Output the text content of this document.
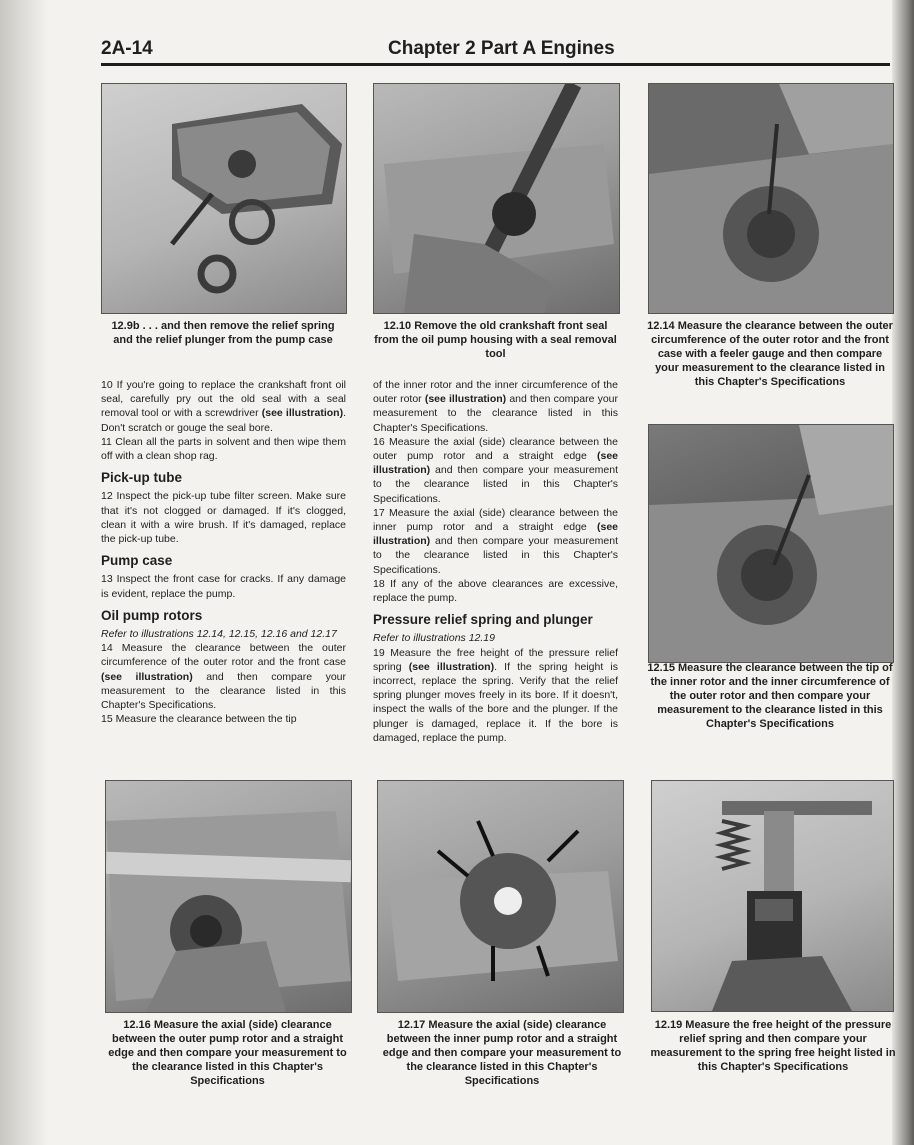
2A-14	Chapter 2 Part A Engines
12.9b . . . and then remove the relief spring and the relief plunger from the pump case
12.10 Remove the old crankshaft front seal from the oil pump housing with a seal removal tool
12.14 Measure the clearance between the outer circumference of the outer rotor and the front case with a feeler gauge and then compare your measurement to the clearance listed in this Chapter's Specifications

10 If you're going to replace the crankshaft front oil seal, carefully pry out the old seal with a seal removal tool or with a screwdriver (see illustration). Don't scratch or gouge the seal bore.

11 Clean all the parts in solvent and then wipe them off with a clean shop rag.

Pick-up tube

12 Inspect the pick-up tube filter screen. Make sure that it's not clogged or damaged. If it's clogged, clean it with a wire brush. If it's damaged, replace the pick-up tube.

Pump case

13 Inspect the front case for cracks. If any damage is evident, replace the pump.

Oil pump rotors

Refer to illustrations 12.14, 12.15, 12.16 and 12.17

14 Measure the clearance between the outer circumference of the outer rotor and the front case (see illustration) and then compare your measurement to the clearance listed in this Chapter's Specifications.

15 Measure the clearance between the tip

of the inner rotor and the inner circumference of the outer rotor (see illustration) and then compare your measurement to the clearance listed in this Chapter's Specifications.

16 Measure the axial (side) clearance between the outer pump rotor and a straight edge (see illustration) and then compare your measurement to the clearance listed in this Chapter's Specifications.

17 Measure the axial (side) clearance between the inner pump rotor and a straight edge (see illustration) and then compare your measurement to the clearance listed in this Chapter's Specifications.

18 If any of the above clearances are excessive, replace the pump.

Pressure relief spring and plunger

Refer to illustrations 12.19

19 Measure the free height of the pressure relief spring (see illustration). If the spring height is incorrect, replace the spring. Verify that the relief spring plunger moves freely in its bore. If it doesn't, inspect the walls of the bore and the plunger. If the plunger is damaged, replace it. If the bore is damaged, replace the pump.

12.15 Measure the clearance between the tip of the inner rotor and the inner circumference of the outer rotor and then compare your measurement to the clearance listed in this Chapter's Specifications
12.16 Measure the axial (side) clearance between the outer pump rotor and a straight edge and then compare your measurement to the clearance listed in this Chapter's Specifications
12.17 Measure the axial (side) clearance between the inner pump rotor and a straight edge and then compare your measurement to the clearance listed in this Chapter's Specifications
12.19 Measure the free height of the pressure relief spring and then compare your measurement to the spring free height listed in this Chapter's Specifications
